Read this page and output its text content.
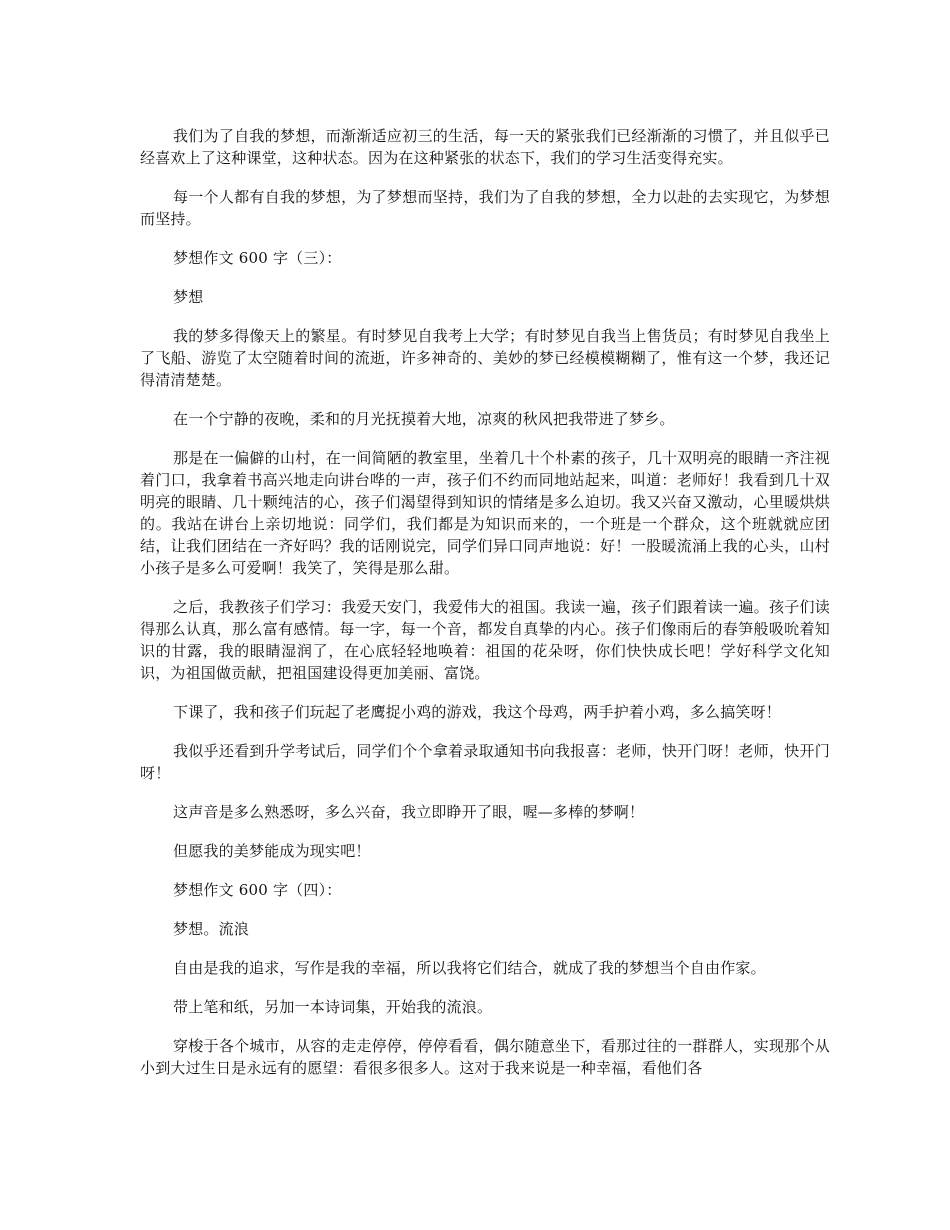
我们为了自我的梦想，而渐渐适应初三的生活，每一天的紧张我们已经渐渐的习惯了，并且似乎已经喜欢上了这种课堂，这种状态。因为在这种紧张的状态下，我们的学习生活变得充实。

每一个人都有自我的梦想，为了梦想而坚持，我们为了自我的梦想，全力以赴的去实现它，为梦想而坚持。

梦想作文 600 字（三）：

梦想

我的梦多得像天上的繁星。有时梦见自我考上大学；有时梦见自我当上售货员；有时梦见自我坐上了飞船、游览了太空随着时间的流逝，许多神奇的、美妙的梦已经模模糊糊了，惟有这一个梦，我还记得清清楚楚。

在一个宁静的夜晚，柔和的月光抚摸着大地，凉爽的秋风把我带进了梦乡。

那是在一偏僻的山村，在一间简陋的教室里，坐着几十个朴素的孩子，几十双明亮的眼睛一齐注视着门口，我拿着书高兴地走向讲台哗的一声，孩子们不约而同地站起来，叫道：老师好！我看到几十双明亮的眼睛、几十颗纯洁的心，孩子们渴望得到知识的情绪是多么迫切。我又兴奋又激动，心里暖烘烘的。我站在讲台上亲切地说：同学们，我们都是为知识而来的，一个班是一个群众，这个班就就应团结，让我们团结在一齐好吗？我的话刚说完，同学们异口同声地说：好！一股暖流涌上我的心头，山村小孩子是多么可爱啊！我笑了，笑得是那么甜。

之后，我教孩子们学习：我爱天安门，我爱伟大的祖国。我读一遍，孩子们跟着读一遍。孩子们读得那么认真，那么富有感情。每一字，每一个音，都发自真挚的内心。孩子们像雨后的春笋般吸吮着知识的甘露，我的眼睛湿润了，在心底轻轻地唤着：祖国的花朵呀，你们快快成长吧！学好科学文化知识，为祖国做贡献，把祖国建设得更加美丽、富饶。

下课了，我和孩子们玩起了老鹰捉小鸡的游戏，我这个母鸡，两手护着小鸡，多么搞笑呀！

我似乎还看到升学考试后，同学们个个拿着录取通知书向我报喜：老师，快开门呀！老师，快开门呀！

这声音是多么熟悉呀，多么兴奋，我立即睁开了眼，喔—多棒的梦啊！

但愿我的美梦能成为现实吧！

梦想作文 600 字（四）：

梦想。流浪

自由是我的追求，写作是我的幸福，所以我将它们结合，就成了我的梦想当个自由作家。

带上笔和纸，另加一本诗词集，开始我的流浪。

穿梭于各个城市，从容的走走停停，停停看看，偶尔随意坐下，看那过往的一群群人，实现那个从小到大过生日是永远有的愿望：看很多很多人。这对于我来说是一种幸福，看他们各
